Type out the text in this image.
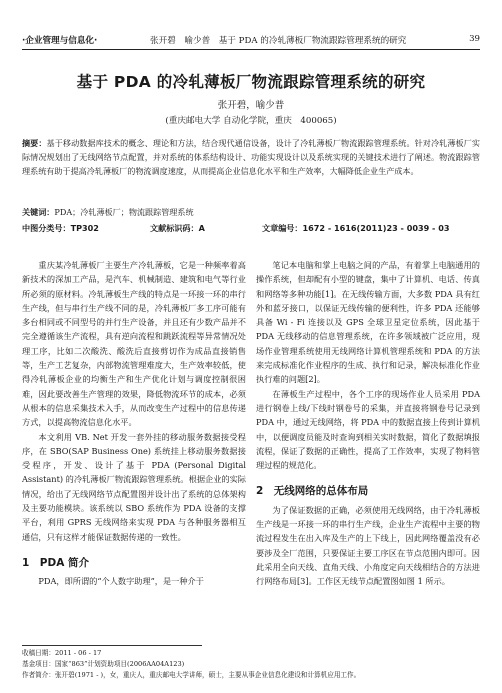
·企业管理与信息化·	张开碧　喻少普　基于 PDA 的冷轧薄板厂物流跟踪管理系统的研究	39
基于 PDA 的冷轧薄板厂物流跟踪管理系统的研究
张开碧，喻少普
(重庆邮电大学 自动化学院，重庆　400065)
摘要：基于移动数据库技术的概念、理论和方法，结合现代通信设备，设计了冷轧薄板厂物流跟踪管理系统。针对冷轧薄板厂实际情况规划出了无线网络节点配置，并对系统的体系结构设计、功能实现设计以及系统实现的关键技术进行了阐述。物流跟踪管理系统有助于提高冷轧薄板厂的物流调度速度，从而提高企业信息化水平和生产效率，大幅降低企业生产成本。
关键词：PDA；冷轧薄板厂；物流跟踪管理系统
中图分类号：TP302	文献标识码：A	文章编号：1672 - 1616(2011)23 - 0039 - 03

重庆某冷轧薄板厂主要生产冷轧薄板，它是一种频率着高新技术的深加工产品，是汽车、机械制造、建筑和电气等行业所必须的原材料。冷轧薄板生产线的特点是一环接一环的串行生产线，但与串行生产线不同的是，冷轧薄板厂多工序可能有多台相同或不同型号的并行生产设备，并且还有少数产品并不完全遵循该生产流程，具有逆向流程和跳跃流程等异常情况处理工序，比如二次酸洗、酸洗后直接剪切作为成品直接销售等，生产工艺复杂，内部物流管理难度大，生产效率较低，使得冷轧薄板企业的均衡生产和生产优化计划与调度控制很困难，因此要改善生产管理的效果，降低物流环节的成本，必须从根本的信息采集技术入手，从而改变生产过程中的信息传递方式，以提高物流信息化水平。

本文利用 VB. Net 开发一套外挂的移动服务数据接受程序，在 SBO(SAP Business One) 系统挂上移动服务数据接受程序，开发、设计了基于 PDA (Personal Digital Assistant) 的冷轧薄板厂物流跟踪管理系统。根据企业的实际情况，给出了无线网络节点配置图并设计出了系统的总体架构及主要功能模块。该系统以 SBO 系统作为 PDA 设备的支撑平台，利用 GPRS 无线网络来实现 PDA 与各种服务器相互通信，只有这样才能保证数据传递的一致性。

1　PDA 简介

PDA，即所谓的“个人数字助理”，是一种介于

笔记本电脑和掌上电脑之间的产品，有着掌上电脑通用的操作系统，但却配有小型的键盘，集中了计算机、电话、传真和网络等多种功能[1]。在无线传输方面，大多数 PDA 具有红外和蓝牙接口，以保证无线传输的便利性，许多 PDA 还能够具备 Wi - Fi 连接以及 GPS 全球卫星定位系统，因此基于 PDA 无线移动的信息管理系统，在许多领域被广泛应用，现场作业管理系统使用无线网络计算机管理系统和 PDA 的方法来完成标准化作业程序的生成、执行和记录，解决标准化作业执行难的问题[2]。

在薄板生产过程中，各个工序的现场作业人员采用 PDA 进行钢卷上线/下线时钢卷号的采集，并直接将钢卷号记录到 PDA 中，通过无线网络，将 PDA 中的数据直接上传到计算机中，以便调度员能及时查询到相关实时数据，简化了数据填报流程，保证了数据的正确性，提高了工作效率，实现了物料管理过程的规范化。

2　无线网络的总体布局

为了保证数据的正确，必须使用无线网络，由于冷轧薄板生产线是一环接一环的串行生产线，企业生产流程中主要的物流过程发生在出入库及生产的上下线上，因此网络覆盖没有必要涉及全厂范围，只要保证主要工序区在节点范围内即可。因此采用全向天线、直角天线、小角度定向天线相结合的方法进行网络布局[3]。工作区无线节点配置图如图 1 所示。

收稿日期：2011 - 06 - 17
基金项目：国家“863”计划资助项目(2006AA04A123)
作者简介：张开碧(1971 - )，女，重庆人，重庆邮电大学讲师，硕士，主要从事企业信息化建设和计算机应用工作。
